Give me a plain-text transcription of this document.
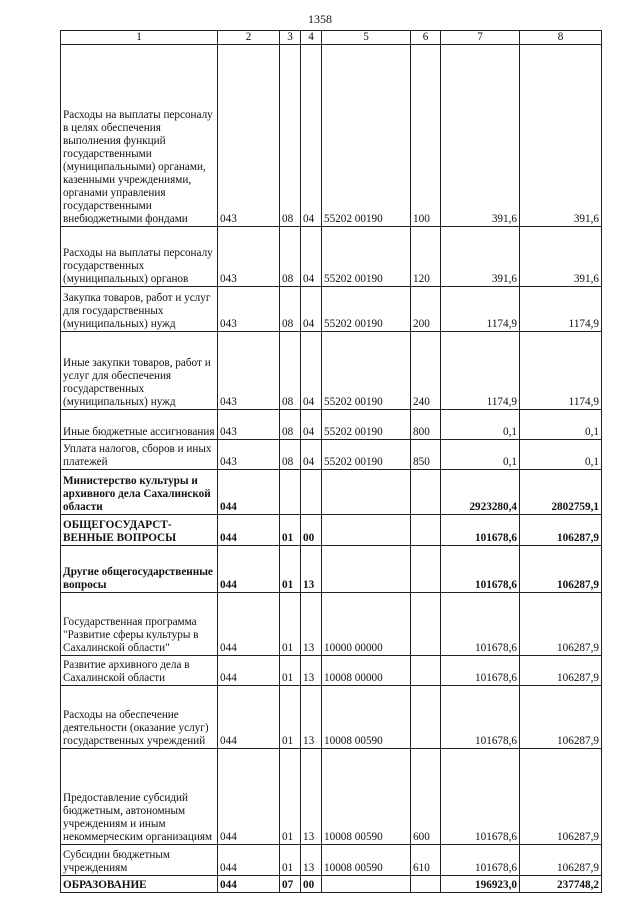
1358
1	2	3	4	5	6	7	8
Расходы на выплаты персоналу в целях обеспечения выполнения функций государственными (муниципальными) органами, казенными учреждениями, органами управления государственными внебюджетными фондами	043	08	04	55202 00190	100	391,6	391,6
Расходы на выплаты персоналу государственных (муниципальных) органов	043	08	04	55202 00190	120	391,6	391,6
Закупка товаров, работ и услуг для государственных (муниципальных) нужд	043	08	04	55202 00190	200	1174,9	1174,9
Иные закупки товаров, работ и услуг для обеспечения государственных (муниципальных) нужд	043	08	04	55202 00190	240	1174,9	1174,9
Иные бюджетные ассигнования	043	08	04	55202 00190	800	0,1	0,1
Уплата налогов, сборов и иных платежей	043	08	04	55202 00190	850	0,1	0,1
Министерство культуры и архивного дела Сахалинской области	044					2923280,4	2802759,1
ОБЩЕГОСУДАРСТ-ВЕННЫЕ ВОПРОСЫ	044	01	00			101678,6	106287,9
Другие общегосударственные вопросы	044	01	13			101678,6	106287,9
Государственная программа "Развитие сферы культуры в Сахалинской области"	044	01	13	10000 00000		101678,6	106287,9
Развитие архивного дела в Сахалинской области	044	01	13	10008 00000		101678,6	106287,9
Расходы на обеспечение деятельности (оказание услуг) государственных учреждений	044	01	13	10008 00590		101678,6	106287,9
Предоставление субсидий бюджетным, автономным учреждениям и иным некоммерческим организациям	044	01	13	10008 00590	600	101678,6	106287,9
Субсидии бюджетным учреждениям	044	01	13	10008 00590	610	101678,6	106287,9
ОБРАЗОВАНИЕ	044	07	00			196923,0	237748,2
